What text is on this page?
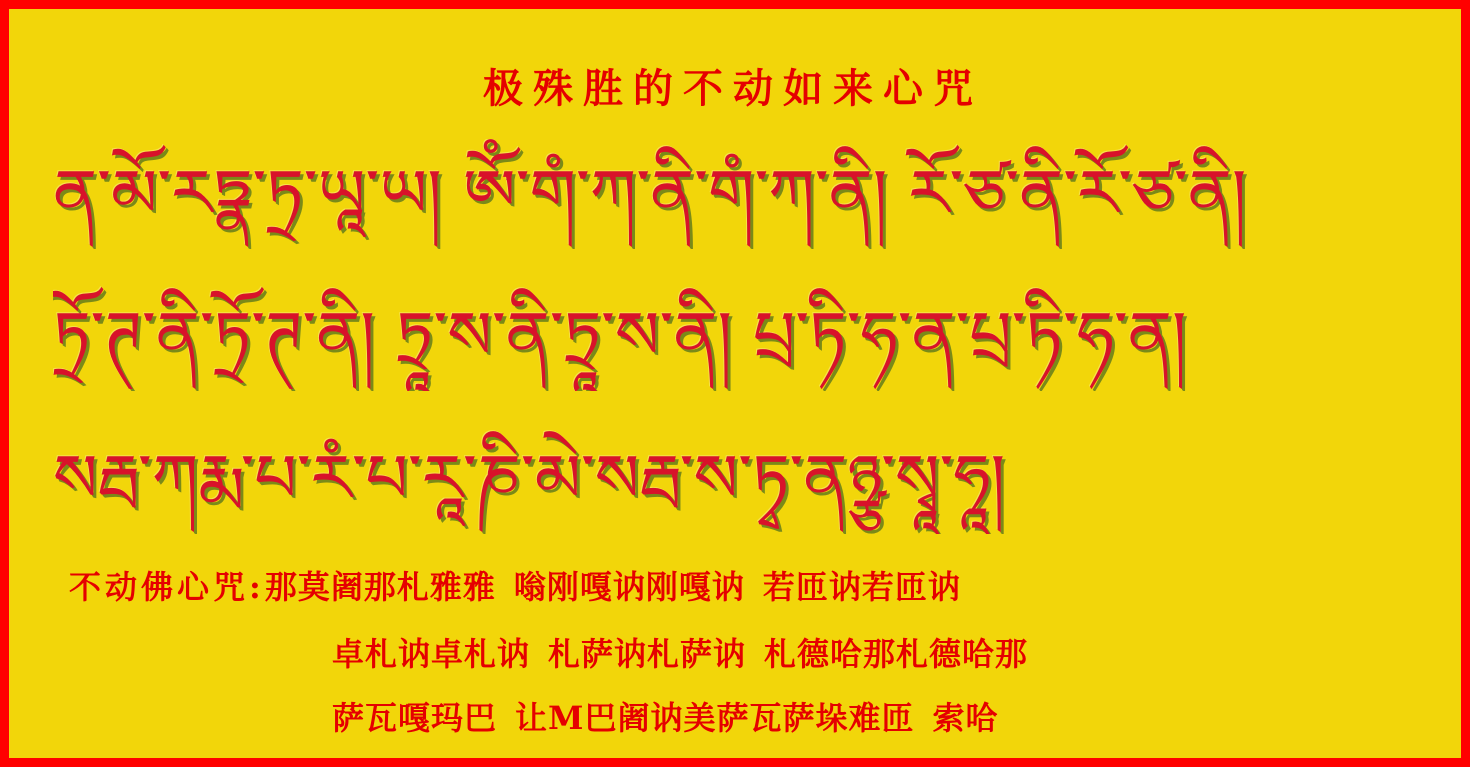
极殊胜的不动如来心咒
ན་མོ་རཏྣ་ཏྲ་ཡཱ་ཡ། ཨོཾ་གཾ་ཀ་ནི་གཾ་ཀ་ནི། རོ་ཙ་ནི་རོ་ཙ་ནི།
ཏྲོ་ཊ་ནི་ཏྲོ་ཊ་ནི། ཏྲཱ་ས་ནི་ཏྲཱ་ས་ནི། པྲ་ཏི་ཧ་ན་པྲ་ཏི་ཧ་ན།
སརྦ་ཀརྨ་པ་རཾ་པ་རཱ་ཎི་མེ་སརྦ་ས་ཏྭ་ནཉྩ་སྭཱ་ཧཱ།
不动佛心咒:那莫阇那札雅雅 嗡刚嘎讷刚嘎讷 若匝讷若匝讷
卓札讷卓札讷 札萨讷札萨讷 札德哈那札德哈那
萨瓦嘎玛巴 让M巴阇讷美萨瓦萨垛难匝 索哈
